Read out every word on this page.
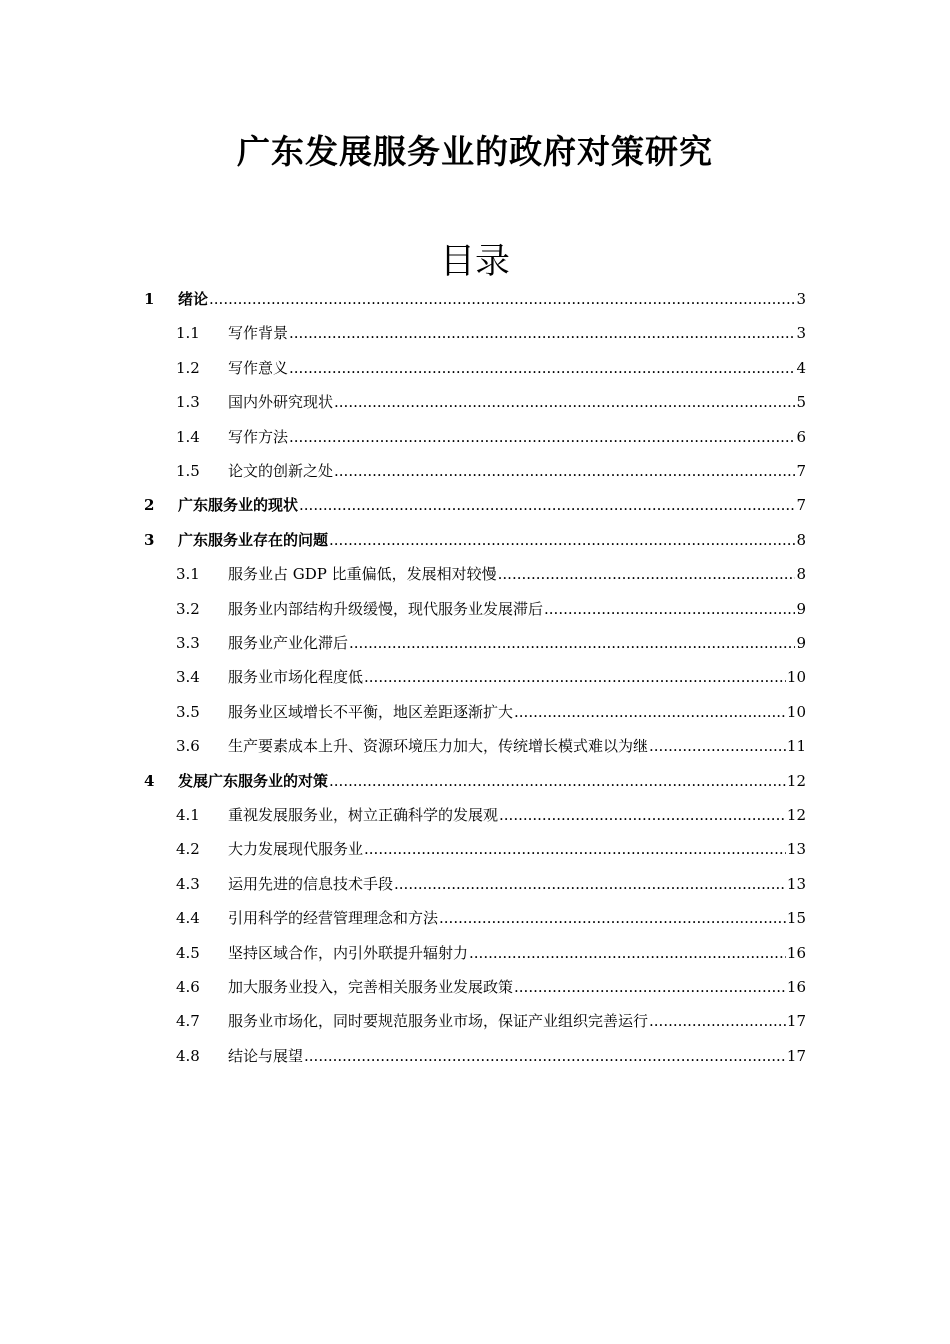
广东发展服务业的政府对策研究
目录
1	绪论 .....	3
1.1	写作背景 .....	3
1.2	写作意义 .....	4
1.3	国内外研究现状 .....	5
1.4	写作方法 .....	6
1.5	论文的创新之处 .....	7
2	广东服务业的现状 .....	7
3	广东服务业存在的问题 .....	8
3.1	服务业占 GDP 比重偏低，发展相对较慢 .....	8
3.2	服务业内部结构升级缓慢，现代服务业发展滞后 .....	9
3.3	服务业产业化滞后 .....	9
3.4	服务业市场化程度低 .....	10
3.5	服务业区域增长不平衡，地区差距逐渐扩大 .....	10
3.6	生产要素成本上升、资源环境压力加大，传统增长模式难以为继 .....	11
4	发展广东服务业的对策 .....	12
4.1	重视发展服务业，树立正确科学的发展观 .....	12
4.2	大力发展现代服务业 .....	13
4.3	运用先进的信息技术手段 .....	13
4.4	引用科学的经营管理理念和方法 .....	15
4.5	坚持区域合作，内引外联提升辐射力 .....	16
4.6	加大服务业投入，完善相关服务业发展政策 .....	16
4.7	服务业市场化，同时要规范服务业市场，保证产业组织完善运行 .....	17
4.8	结论与展望 .....	17
